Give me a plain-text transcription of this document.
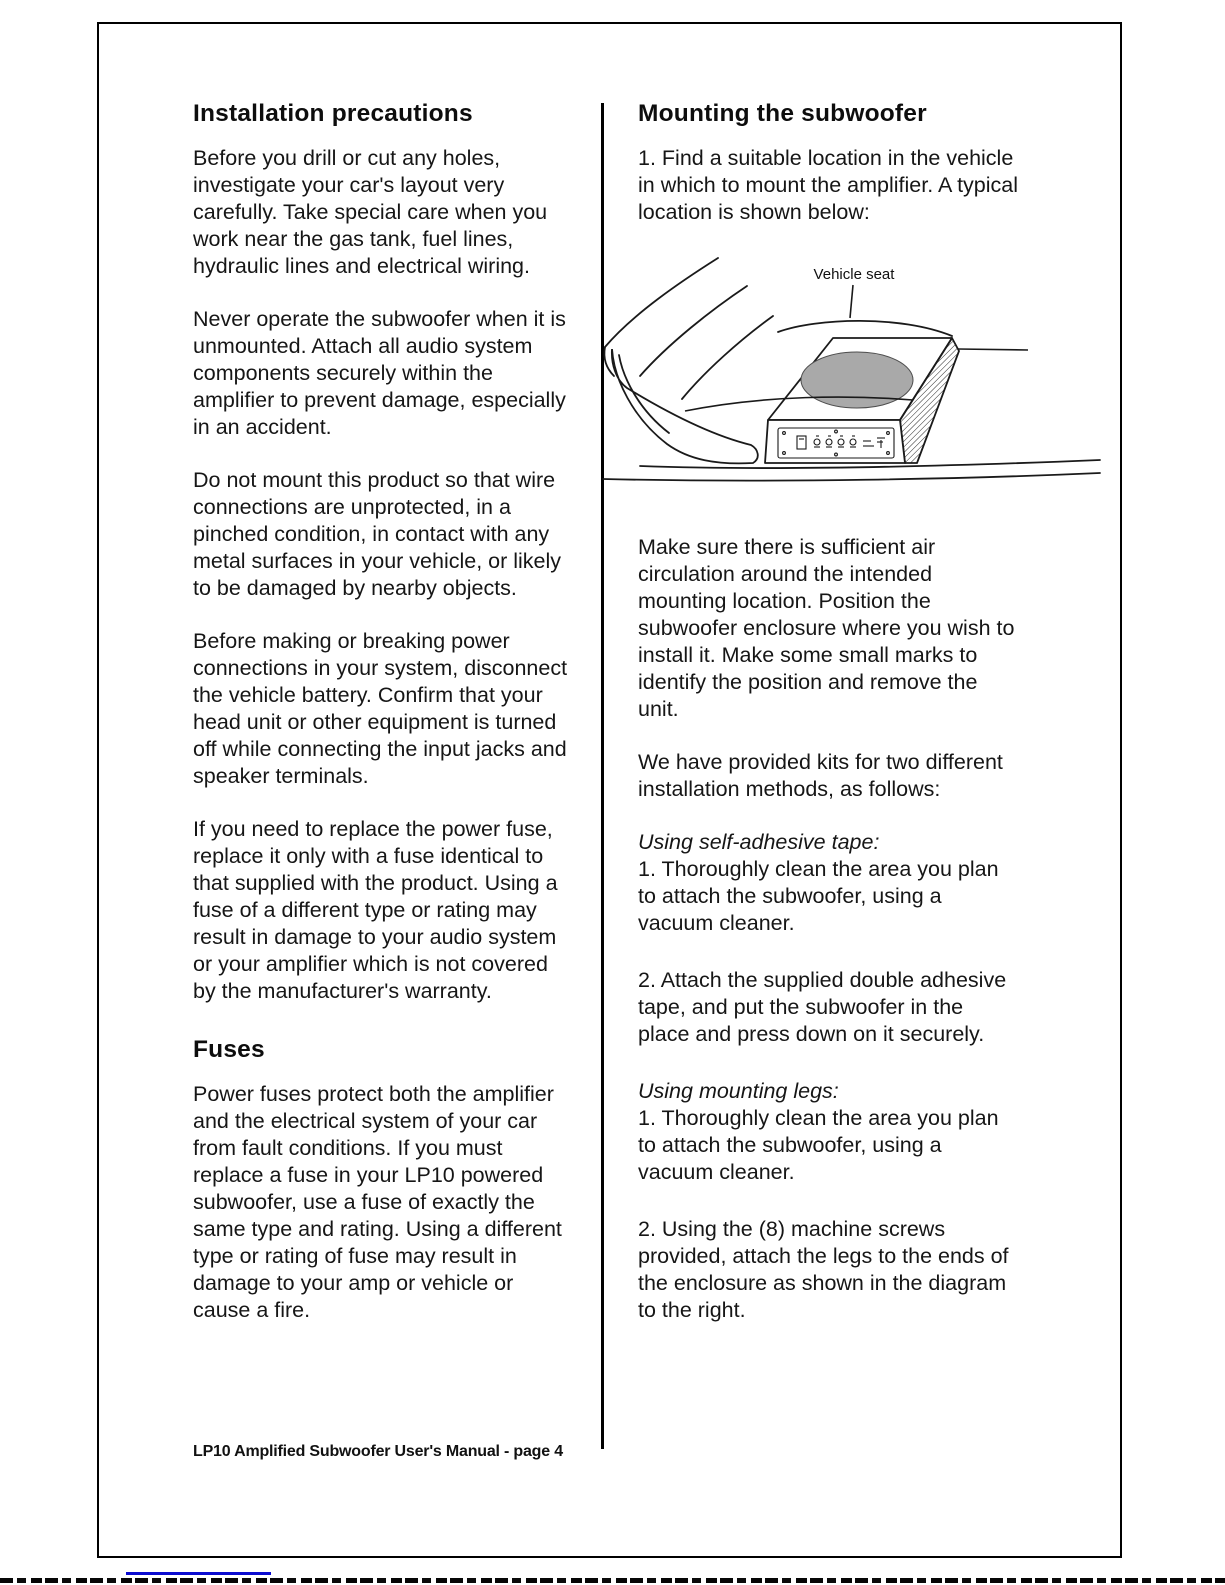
Installation precautions

Before you drill or cut any holes, investigate your car's layout very carefully. Take special care when you work near the gas tank, fuel lines, hydraulic lines and electrical wiring.

Never operate the subwoofer when it is unmounted. Attach all audio system components securely within the amplifier to prevent damage, especially in an accident.

Do not mount this product so that wire connections are unprotected, in a pinched condition, in contact with any metal surfaces in your vehicle, or likely to be damaged by nearby objects.

Before making or breaking power connections in your system, disconnect the vehicle battery. Confirm that your head unit or other equipment is turned off while connecting the input jacks and speaker terminals.

If you need to replace the power fuse, replace it only with a fuse identical to that supplied with the product. Using a fuse of a different type or rating may result in damage to your audio system or your amplifier which is not covered by the manufacturer's warranty.

Fuses

Power fuses protect both the amplifier and the electrical system of your car from fault conditions. If you must replace a fuse in your LP10 powered subwoofer, use a fuse of exactly the same type and rating. Using a different type or rating of fuse may result in damage to your amp or vehicle or cause a fire.

Mounting the subwoofer

1. Find a suitable location in the vehicle in which to mount the amplifier. A typical location is shown below:

Vehicle seat

Make sure there is sufficient air circulation around the intended mounting location. Position the subwoofer enclosure where you wish to install it. Make some small marks to identify the position and remove the unit.

We have provided kits for two different installation methods, as follows:

Using self-adhesive tape:
1. Thoroughly clean the area you plan to attach the subwoofer, using a vacuum cleaner.

2. Attach the supplied double adhesive tape, and put the subwoofer in the place and press down on it securely.

Using mounting legs:
1. Thoroughly clean the area you plan to attach the subwoofer, using a vacuum cleaner.

2. Using the (8) machine screws provided, attach the legs to the ends of the enclosure as shown in the diagram to the right.

LP10 Amplified Subwoofer User's Manual - page 4
